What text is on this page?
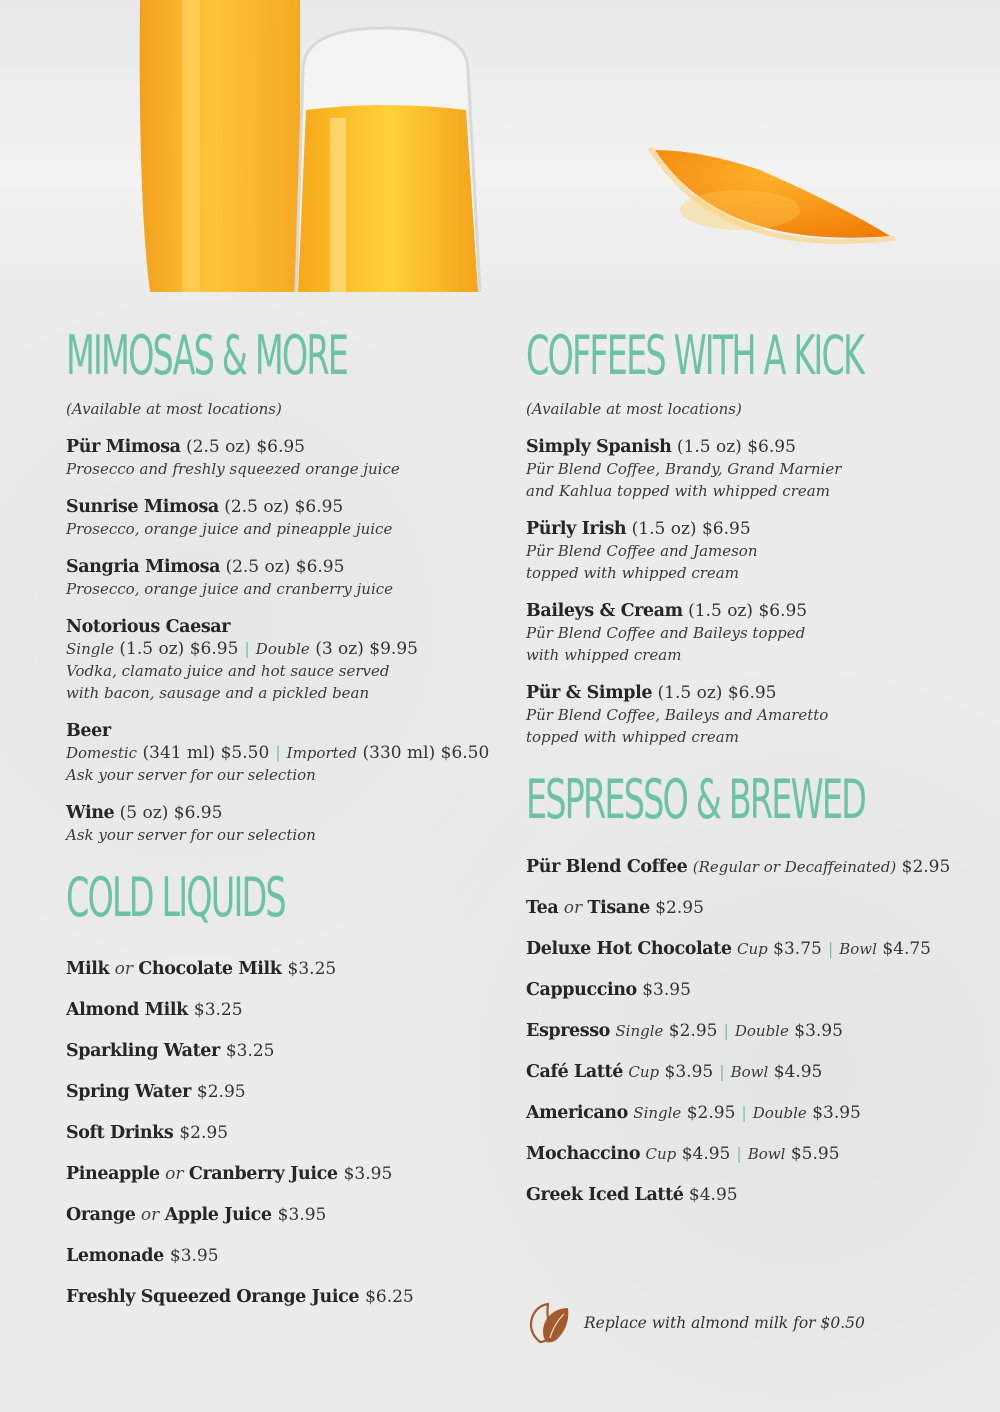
MIMOSAS & MORE
(Available at most locations)
Pür Mimosa (2.5 oz) $6.95
Prosecco and freshly squeezed orange juice
Sunrise Mimosa (2.5 oz) $6.95
Prosecco, orange juice and pineapple juice
Sangria Mimosa (2.5 oz) $6.95
Prosecco, orange juice and cranberry juice
Notorious Caesar
Single (1.5 oz) $6.95 | Double (3 oz) $9.95
Vodka, clamato juice and hot sauce served
with bacon, sausage and a pickled bean
Beer
Domestic (341 ml) $5.50 | Imported (330 ml) $6.50
Ask your server for our selection
Wine (5 oz) $6.95
Ask your server for our selection
COLD LIQUIDS
Milk or Chocolate Milk $3.25
Almond Milk $3.25
Sparkling Water $3.25
Spring Water $2.95
Soft Drinks $2.95
Pineapple or Cranberry Juice $3.95
Orange or Apple Juice $3.95
Lemonade $3.95
Freshly Squeezed Orange Juice $6.25
COFFEES WITH A KICK
(Available at most locations)
Simply Spanish (1.5 oz) $6.95
Pür Blend Coffee, Brandy, Grand Marnier
and Kahlua topped with whipped cream
Pürly Irish (1.5 oz) $6.95
Pür Blend Coffee and Jameson
topped with whipped cream
Baileys & Cream (1.5 oz) $6.95
Pür Blend Coffee and Baileys topped
with whipped cream
Pür & Simple (1.5 oz) $6.95
Pür Blend Coffee, Baileys and Amaretto
topped with whipped cream
ESPRESSO & BREWED
Pür Blend Coffee (Regular or Decaffeinated) $2.95
Tea or Tisane $2.95
Deluxe Hot Chocolate Cup $3.75 | Bowl $4.75
Cappuccino $3.95
Espresso Single $2.95 | Double $3.95
Café Latté Cup $3.95 | Bowl $4.95
Americano Single $2.95 | Double $3.95
Mochaccino Cup $4.95 | Bowl $5.95
Greek Iced Latté $4.95
Replace with almond milk for $0.50
